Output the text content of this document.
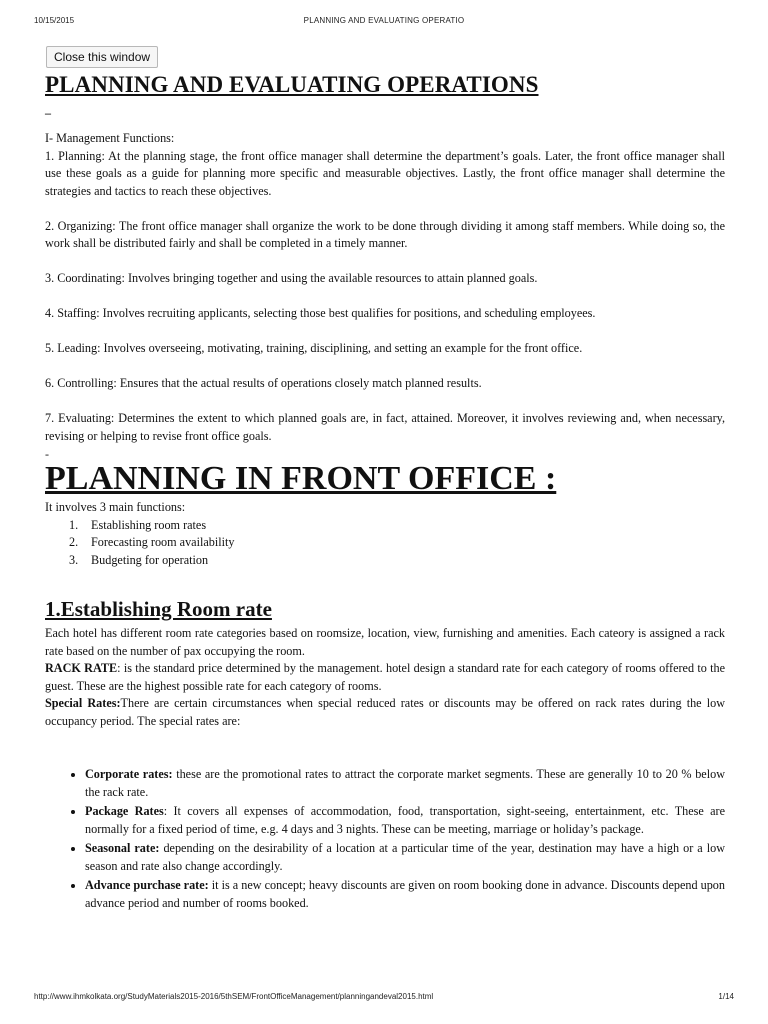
10/15/2015	PLANNING AND EVALUATING OPERATIO
Close this window
PLANNING AND EVALUATING OPERATIONS
_

I- Management Functions:

1. Planning: At the planning stage, the front office manager shall determine the department’s goals. Later, the front office manager shall use these goals as a guide for planning more specific and measurable objectives. Lastly, the front office manager shall determine the strategies and tactics to reach these objectives.

2. Organizing: The front office manager shall organize the work to be done through dividing it among staff members. While doing so, the work shall be distributed fairly and shall be completed in a timely manner.

3. Coordinating: Involves bringing together and using the available resources to attain planned goals.

4. Staffing: Involves recruiting applicants, selecting those best qualifies for positions, and scheduling employees.

5. Leading: Involves overseeing, motivating, training, disciplining, and setting an example for the front office.

6. Controlling: Ensures that the actual results of operations closely match planned results.

7. Evaluating: Determines the extent to which planned goals are, in fact, attained. Moreover, it involves reviewing and, when necessary, revising or helping to revise front office goals.

-
PLANNING IN FRONT OFFICE :

It involves 3 main functions:

1. Establishing room rates
2. Forecasting room availability
3. Budgeting for operation
1.Establishing Room rate

Each hotel has different room rate categories based on roomsize, location, view, furnishing and amenities. Each cateory is assigned a rack rate based on the number of pax occupying the room.

RACK RATE: is the standard price determined by the management. hotel design a standard rate for each category of rooms offered to the guest. These are the highest possible rate for each category of rooms.

Special Rates:There are certain circumstances when special reduced rates or discounts may be offered on rack rates during the low occupancy period. The special rates are:

• Corporate rates: these are the promotional rates to attract the corporate market segments. These are generally 10 to 20 % below the rack rate.
• Package Rates: It covers all expenses of accommodation, food, transportation, sight-seeing, entertainment, etc. These are normally for a fixed period of time, e.g. 4 days and 3 nights. These can be meeting, marriage or holiday’s package.
• Seasonal rate: depending on the desirability of a location at a particular time of the year, destination may have a high or a low season and rate also change accordingly.
• Advance purchase rate: it is a new concept; heavy discounts are given on room booking done in advance. Discounts depend upon advance period and number of rooms booked.
http://www.ihmkolkata.org/StudyMaterials2015-2016/5thSEM/FrontOfficeManagement/planningandeval2015.html	1/14
